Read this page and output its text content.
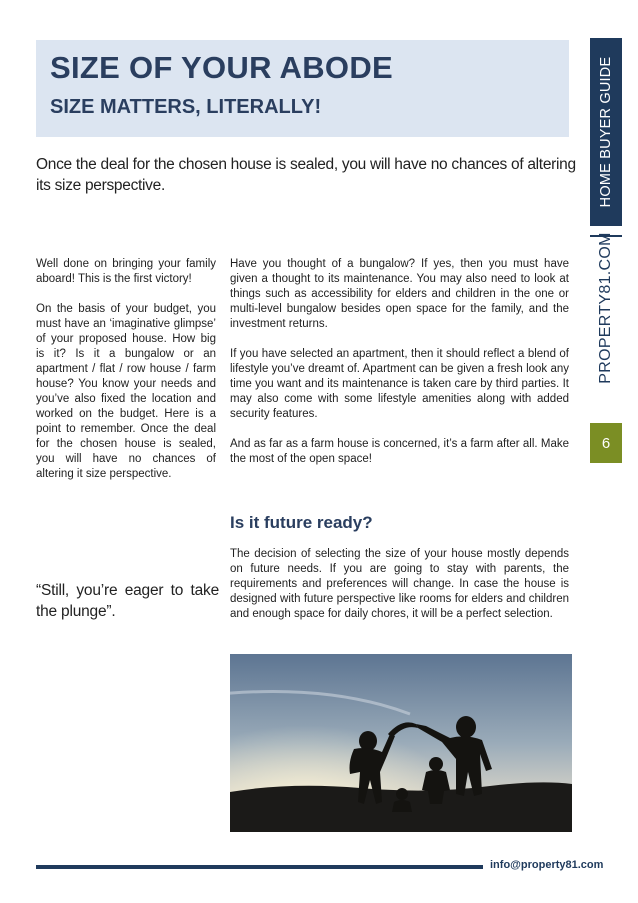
SIZE OF YOUR ABODE
SIZE MATTERS, LITERALLY!

Once the deal for the chosen house is sealed, you will have no chances of altering its size perspective.	HOME BUYER GUIDE
PROPERTY81.COM
6

Well done on bringing your family aboard! This is the first victory!

On the basis of your budget, you must have an ‘imaginative glimpse’ of your proposed house. How big is it? Is it a bungalow or an apartment / flat / row house / farm house? You know your needs and you’ve also fixed the location and worked on the budget. Here is a point to remember. Once the deal for the chosen house is sealed, you will have no chances of altering it size perspective.

“Still, you’re eager to take the plunge”.

Have you thought of a bungalow? If yes, then you must have given a thought to its maintenance. You may also need to look at things such as accessibility for elders and children in the one or multi-level bungalow besides open space for the family, and the investment returns.

If you have selected an apartment, then it should reflect a blend of lifestyle you’ve dreamt of. Apartment can be given a fresh look any time you want and its maintenance is taken care by third parties. It may also come with some lifestyle amenities along with added security features.

And as far as a farm house is concerned, it’s a farm after all. Make the most of the open space!

Is it future ready?

The decision of selecting the size of your house mostly depends on future needs. If you are going to stay with parents, the requirements and preferences will change. In case the house is designed with future perspective like rooms for elders and children and enough space for daily chores, it will be a perfect selection.

info@property81.com
